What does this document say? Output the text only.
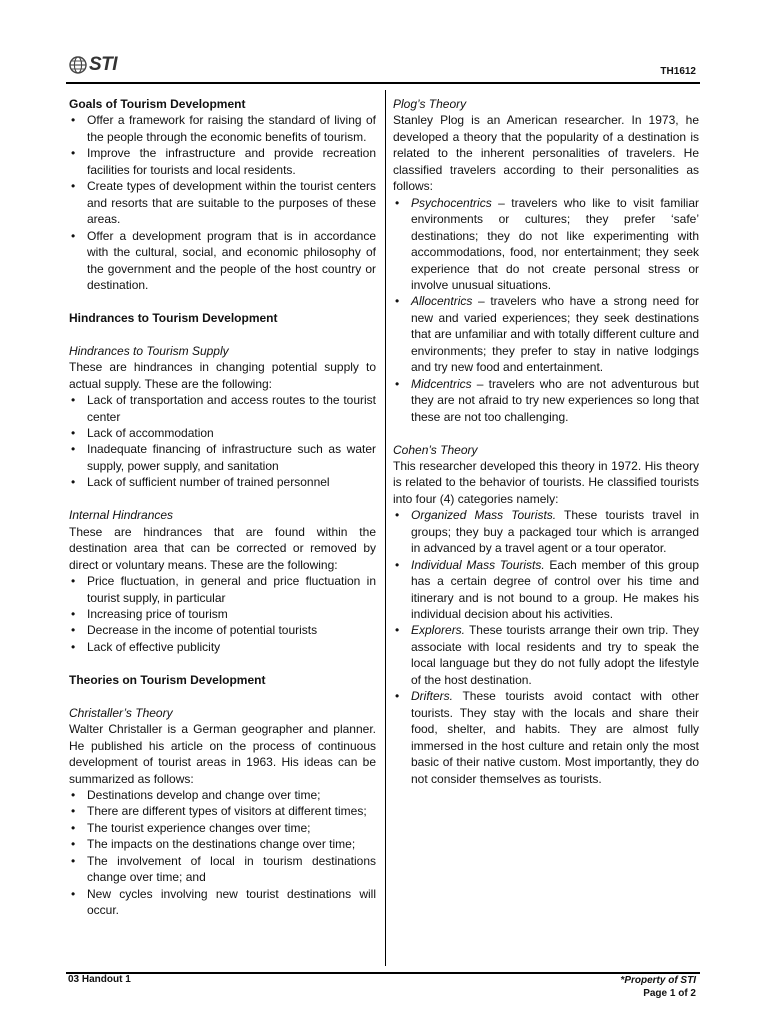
STI	TH1612

Goals of Tourism Development

• Offer a framework for raising the standard of living of the people through the economic benefits of tourism.
• Improve the infrastructure and provide recreation facilities for tourists and local residents.
• Create types of development within the tourist centers and resorts that are suitable to the purposes of these areas.
• Offer a development program that is in accordance with the cultural, social, and economic philosophy of the government and the people of the host country or destination.

Hindrances to Tourism Development

Hindrances to Tourism Supply

These are hindrances in changing potential supply to actual supply. These are the following:

• Lack of transportation and access routes to the tourist center
• Lack of accommodation
• Inadequate financing of infrastructure such as water supply, power supply, and sanitation
• Lack of sufficient number of trained personnel

Internal Hindrances

These are hindrances that are found within the destination area that can be corrected or removed by direct or voluntary means. These are the following:

• Price fluctuation, in general and price fluctuation in tourist supply, in particular
• Increasing price of tourism
• Decrease in the income of potential tourists
• Lack of effective publicity

Theories on Tourism Development

Christaller’s Theory

Walter Christaller is a German geographer and planner. He published his article on the process of continuous development of tourist areas in 1963. His ideas can be summarized as follows:

• Destinations develop and change over time;
• There are different types of visitors at different times;
• The tourist experience changes over time;
• The impacts on the destinations change over time;
• The involvement of local in tourism destinations change over time; and
• New cycles involving new tourist destinations will occur.

Plog’s Theory

Stanley Plog is an American researcher. In 1973, he developed a theory that the popularity of a destination is related to the inherent personalities of travelers. He classified travelers according to their personalities as follows:

• Psychocentrics – travelers who like to visit familiar environments or cultures; they prefer ‘safe’ destinations; they do not like experimenting with accommodations, food, nor entertainment; they seek experience that do not create personal stress or involve unusual situations.
• Allocentrics – travelers who have a strong need for new and varied experiences; they seek destinations that are unfamiliar and with totally different culture and environments; they prefer to stay in native lodgings and try new food and entertainment.
• Midcentrics – travelers who are not adventurous but they are not afraid to try new experiences so long that these are not too challenging.

Cohen’s Theory

This researcher developed this theory in 1972. His theory is related to the behavior of tourists. He classified tourists into four (4) categories namely:

• Organized Mass Tourists. These tourists travel in groups; they buy a packaged tour which is arranged in advanced by a travel agent or a tour operator.
• Individual Mass Tourists. Each member of this group has a certain degree of control over his time and itinerary and is not bound to a group. He makes his individual decision about his activities.
• Explorers. These tourists arrange their own trip. They associate with local residents and try to speak the local language but they do not fully adopt the lifestyle of the host destination.
• Drifters. These tourists avoid contact with other tourists. They stay with the locals and share their food, shelter, and habits. They are almost fully immersed in the host culture and retain only the most basic of their native custom. Most importantly, they do not consider themselves as tourists.
03 Handout 1	*Property of STI
Page 1 of 2
